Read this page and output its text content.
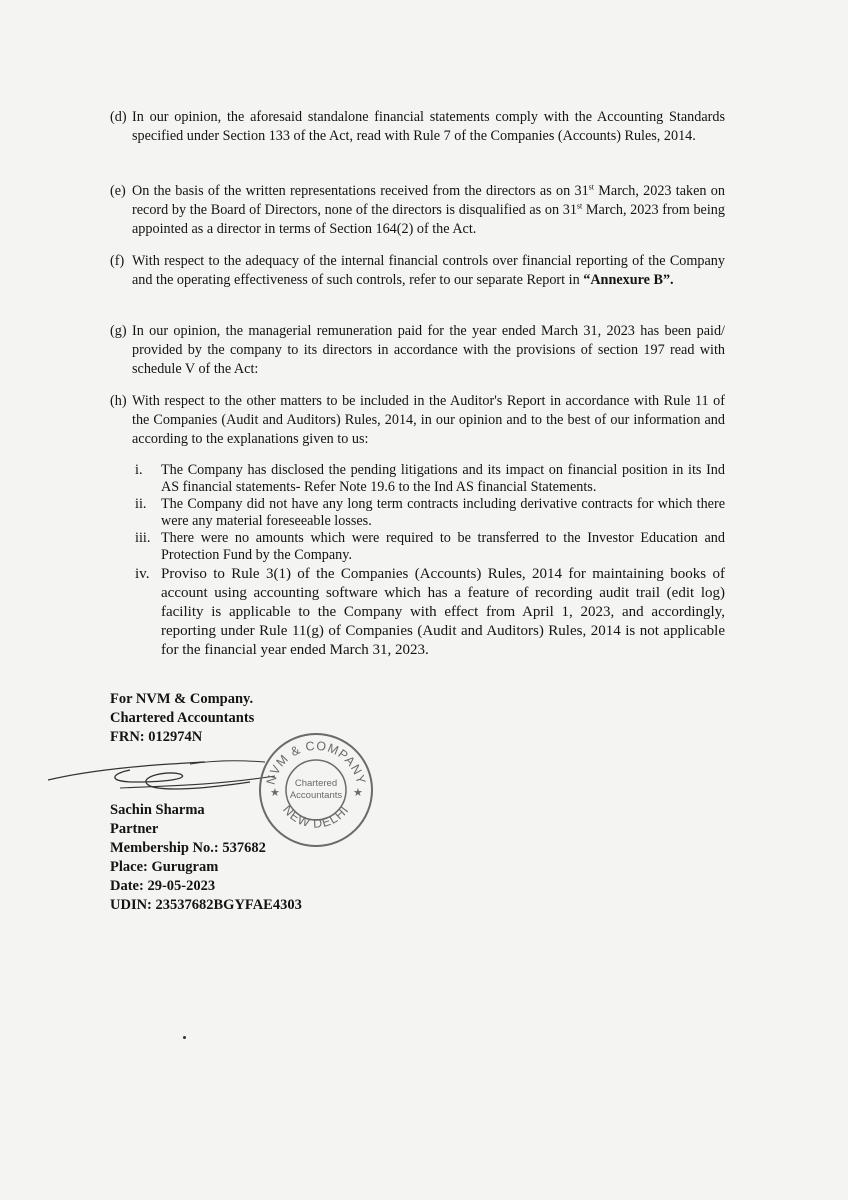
(d) In our opinion, the aforesaid standalone financial statements comply with the Accounting Standards specified under Section 133 of the Act, read with Rule 7 of the Companies (Accounts) Rules, 2014.
(e) On the basis of the written representations received from the directors as on 31st March, 2023 taken on record by the Board of Directors, none of the directors is disqualified as on 31st March, 2023 from being appointed as a director in terms of Section 164(2) of the Act.
(f) With respect to the adequacy of the internal financial controls over financial reporting of the Company and the operating effectiveness of such controls, refer to our separate Report in “Annexure B”.
(g) In our opinion, the managerial remuneration paid for the year ended March 31, 2023 has been paid/ provided by the company to its directors in accordance with the provisions of section 197 read with schedule V of the Act:
(h) With respect to the other matters to be included in the Auditor's Report in accordance with Rule 11 of the Companies (Audit and Auditors) Rules, 2014, in our opinion and to the best of our information and according to the explanations given to us:
i. The Company has disclosed the pending litigations and its impact on financial position in its Ind AS financial statements- Refer Note 19.6 to the Ind AS financial Statements.
ii. The Company did not have any long term contracts including derivative contracts for which there were any material foreseeable losses.
iii. There were no amounts which were required to be transferred to the Investor Education and Protection Fund by the Company.
iv. Proviso to Rule 3(1) of the Companies (Accounts) Rules, 2014 for maintaining books of account using accounting software which has a feature of recording audit trail (edit log) facility is applicable to the Company with effect from April 1, 2023, and accordingly, reporting under Rule 11(g) of Companies (Audit and Auditors) Rules, 2014 is not applicable for the financial year ended March 31, 2023.
For NVM & Company.
Chartered Accountants
FRN: 012974N
NVM & COMPANY
NEW DELHI
Chartered
Accountants
★	★
Sachin Sharma
Partner
Membership No.: 537682
Place: Gurugram
Date: 29-05-2023
UDIN: 23537682BGYFAE4303
